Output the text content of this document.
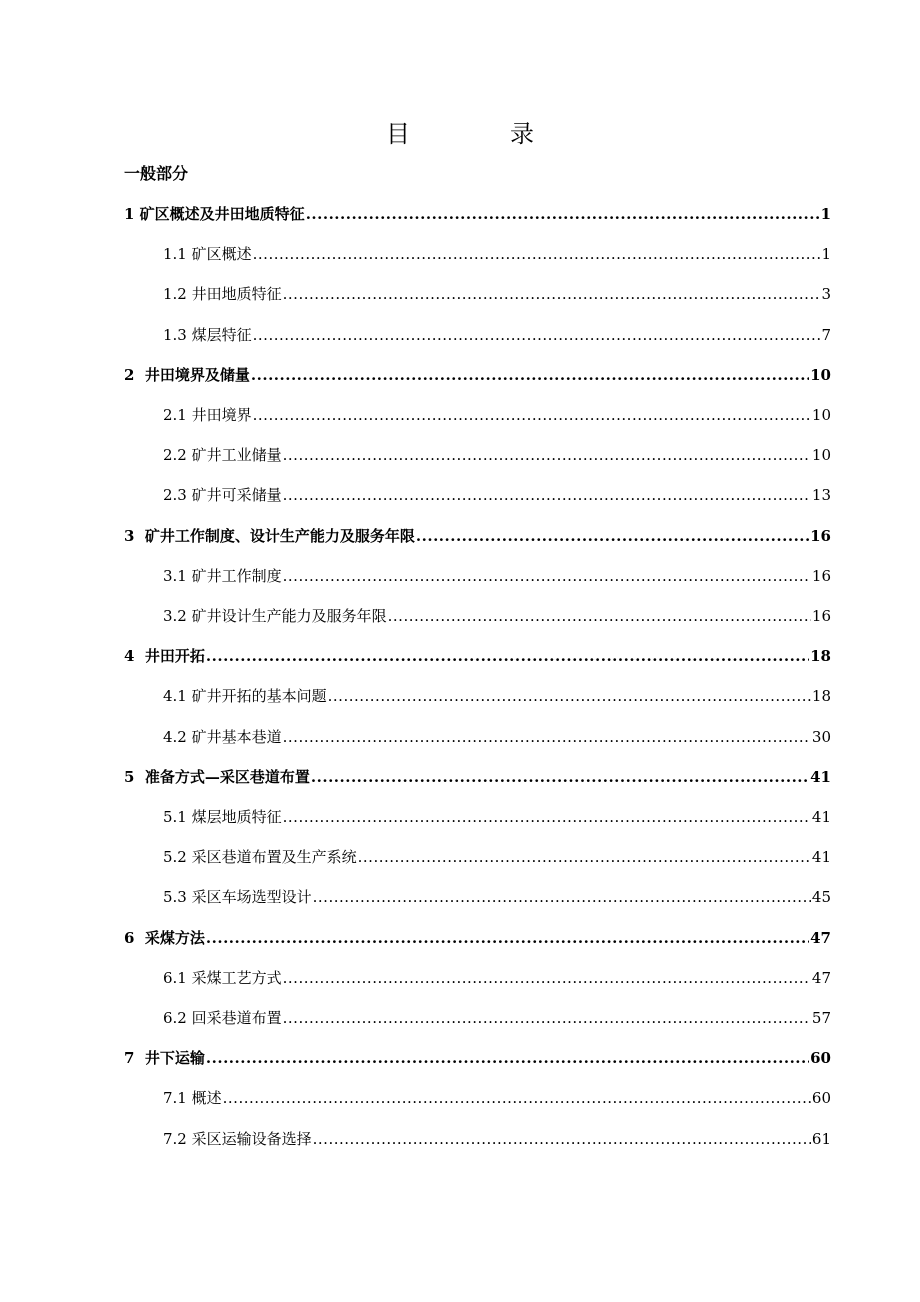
目　录
一般部分
1 矿区概述及井田地质特征 .....	1
1.1 矿区概述 .....	1
1.2 井田地质特征 .....	3
1.3 煤层特征 .....	7
2 井田境界及储量 .....	10
2.1 井田境界 .....	10
2.2 矿井工业储量 .....	10
2.3 矿井可采储量 .....	13
3 矿井工作制度、设计生产能力及服务年限 .....	16
3.1 矿井工作制度 .....	16
3.2 矿井设计生产能力及服务年限 .....	16
4 井田开拓 .....	18
4.1 矿井开拓的基本问题 .....	18
4.2 矿井基本巷道 .....	30
5 准备方式—采区巷道布置 .....	41
5.1 煤层地质特征 .....	41
5.2 采区巷道布置及生产系统 .....	41
5.3 采区车场选型设计 .....	45
6 采煤方法 .....	47
6.1 采煤工艺方式 .....	47
6.2 回采巷道布置 .....	57
7 井下运输 .....	60
7.1 概述 .....	60
7.2 采区运输设备选择 .....	61
